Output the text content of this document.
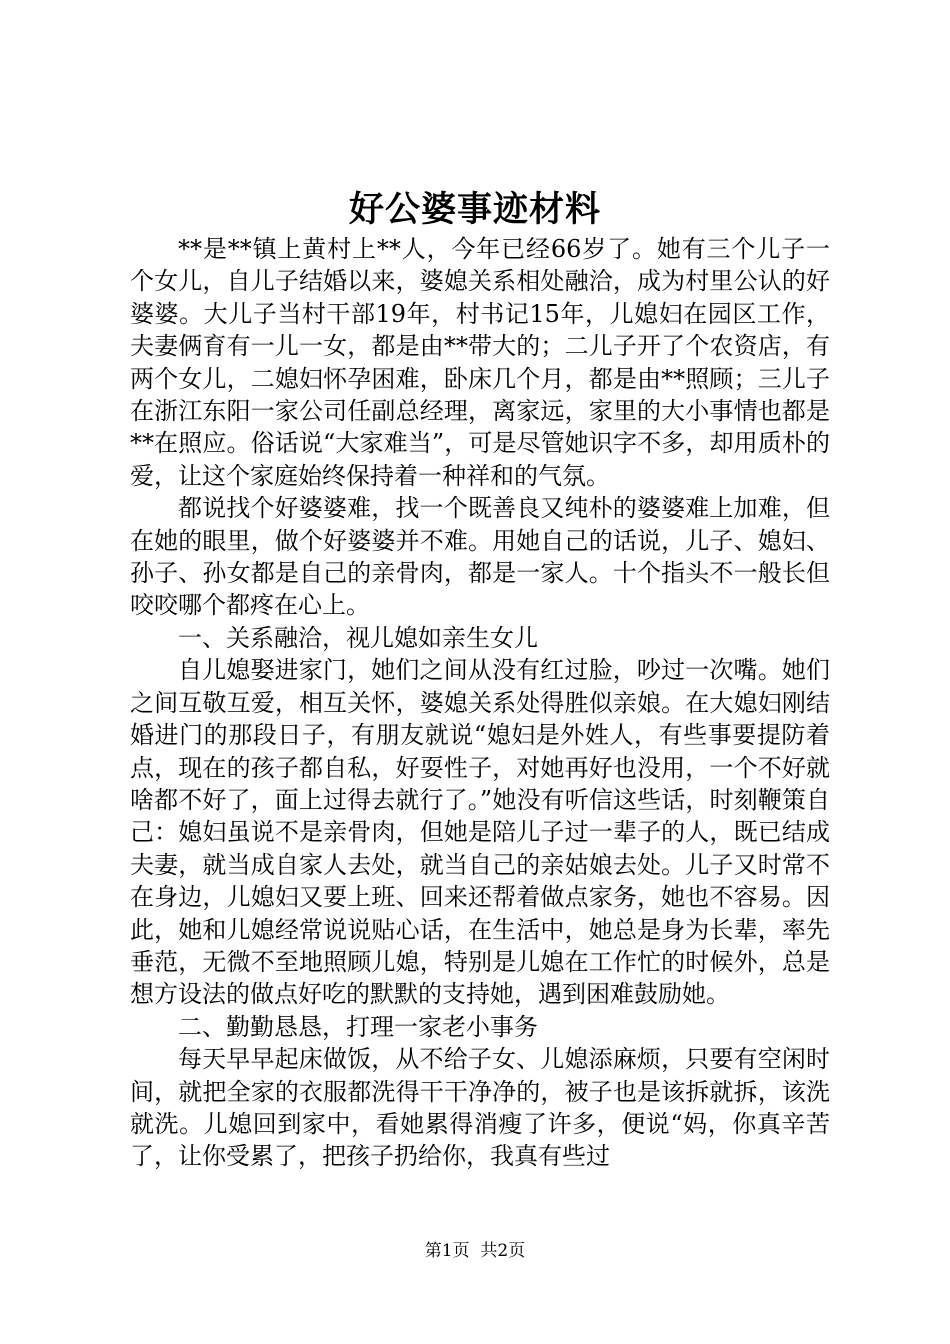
好公婆事迹材料

**是**镇上黄村上**人，今年已经66岁了。她有三个儿子一个女儿，自儿子结婚以来，婆媳关系相处融洽，成为村里公认的好婆婆。大儿子当村干部19年，村书记15年，儿媳妇在园区工作，夫妻俩育有一儿一女，都是由**带大的；二儿子开了个农资店，有两个女儿，二媳妇怀孕困难，卧床几个月，都是由**照顾；三儿子在浙江东阳一家公司任副总经理，离家远，家里的大小事情也都是**在照应。俗话说“大家难当”，可是尽管她识字不多，却用质朴的爱，让这个家庭始终保持着一种祥和的气氛。

都说找个好婆婆难，找一个既善良又纯朴的婆婆难上加难，但在她的眼里，做个好婆婆并不难。用她自己的话说，儿子、媳妇、孙子、孙女都是自己的亲骨肉，都是一家人。十个指头不一般长但咬咬哪个都疼在心上。

一、关系融洽，视儿媳如亲生女儿

自儿媳娶进家门，她们之间从没有红过脸，吵过一次嘴。她们之间互敬互爱，相互关怀，婆媳关系处得胜似亲娘。在大媳妇刚结婚进门的那段日子，有朋友就说“媳妇是外姓人，有些事要提防着点，现在的孩子都自私，好耍性子，对她再好也没用，一个不好就啥都不好了，面上过得去就行了。”她没有听信这些话，时刻鞭策自己：媳妇虽说不是亲骨肉，但她是陪儿子过一辈子的人，既已结成夫妻，就当成自家人去处，就当自己的亲姑娘去处。儿子又时常不在身边，儿媳妇又要上班、回来还帮着做点家务，她也不容易。因此，她和儿媳经常说说贴心话，在生活中，她总是身为长辈，率先垂范，无微不至地照顾儿媳，特别是儿媳在工作忙的时候外，总是想方设法的做点好吃的默默的支持她，遇到困难鼓励她。

二、勤勤恳恳，打理一家老小事务

每天早早起床做饭，从不给子女、儿媳添麻烦，只要有空闲时间，就把全家的衣服都洗得干干净净的，被子也是该拆就拆，该洗就洗。儿媳回到家中，看她累得消瘦了许多，便说“妈，你真辛苦了，让你受累了，把孩子扔给你，我真有些过

第1页  共2页
